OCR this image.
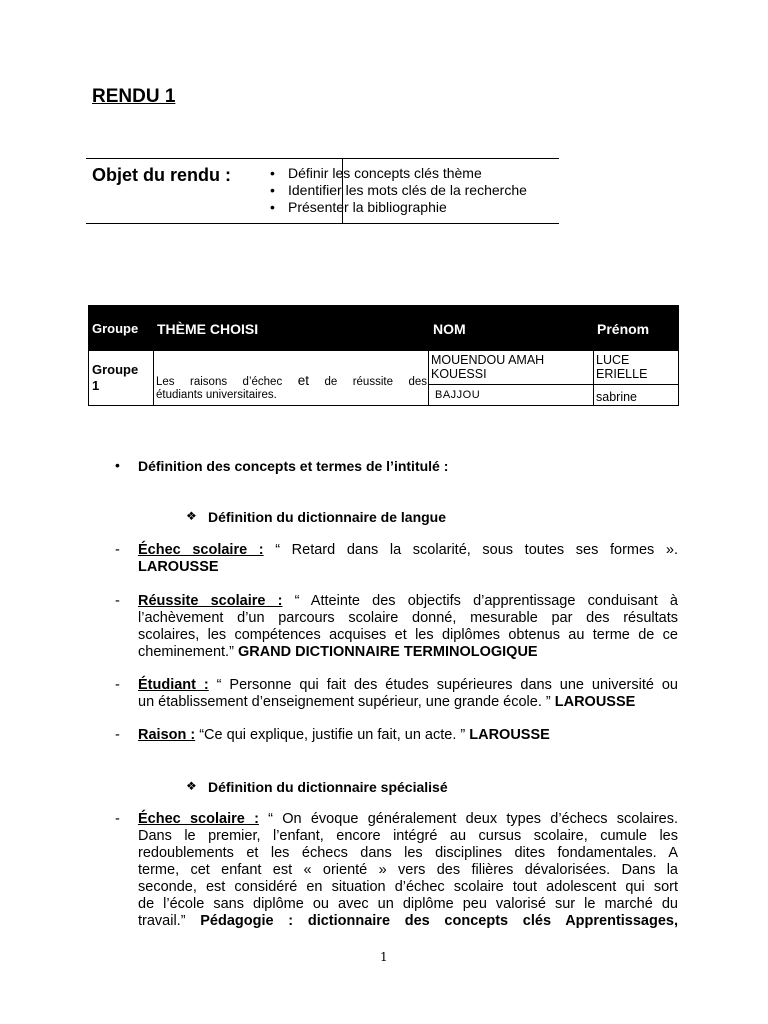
RENDU 1
Objet du rendu :
•	Définir les concepts clés thème
• Identifier les mots clés de la recherche
• Présenter la bibliographie
Groupe THÈME CHOISI	NOM	Prénom
Groupe 1	Les raisons d’échec et de réussite des
étudiants universitaires.
MOUENDOU AMAH KOUESSI
LUCE ERIELLE
BAJJOU	sabrine
• Définition des concepts et termes de l’intitulé :
❖ Définition du dictionnaire de langue
- Échec scolaire : “ Retard dans la scolarité, sous toutes ses formes ».
LAROUSSE
- Réussite scolaire : “ Atteinte des objectifs d’apprentissage conduisant à
l’achèvement d’un parcours scolaire donné, mesurable par des résultats
scolaires, les compétences acquises et les diplômes obtenus au terme de ce
cheminement.” GRAND DICTIONNAIRE TERMINOLOGIQUE
- Étudiant : “ Personne qui fait des études supérieures dans une université ou
un établissement d’enseignement supérieur, une grande école. ” LAROUSSE
- Raison : “Ce qui explique, justifie un fait, un acte. ” LAROUSSE
❖ Définition du dictionnaire spécialisé
- Échec scolaire : “ On évoque généralement deux types d’échecs scolaires.
Dans le premier, l’enfant, encore intégré au cursus scolaire, cumule les
redoublements et les échecs dans les disciplines dites fondamentales. A
terme, cet enfant est « orienté » vers des filières dévalorisées. Dans la
seconde, est considéré en situation d’échec scolaire tout adolescent qui sort
de l’école sans diplôme ou avec un diplôme peu valorisé sur le marché du
travail.” Pédagogie : dictionnaire des concepts clés Apprentissages,
1
